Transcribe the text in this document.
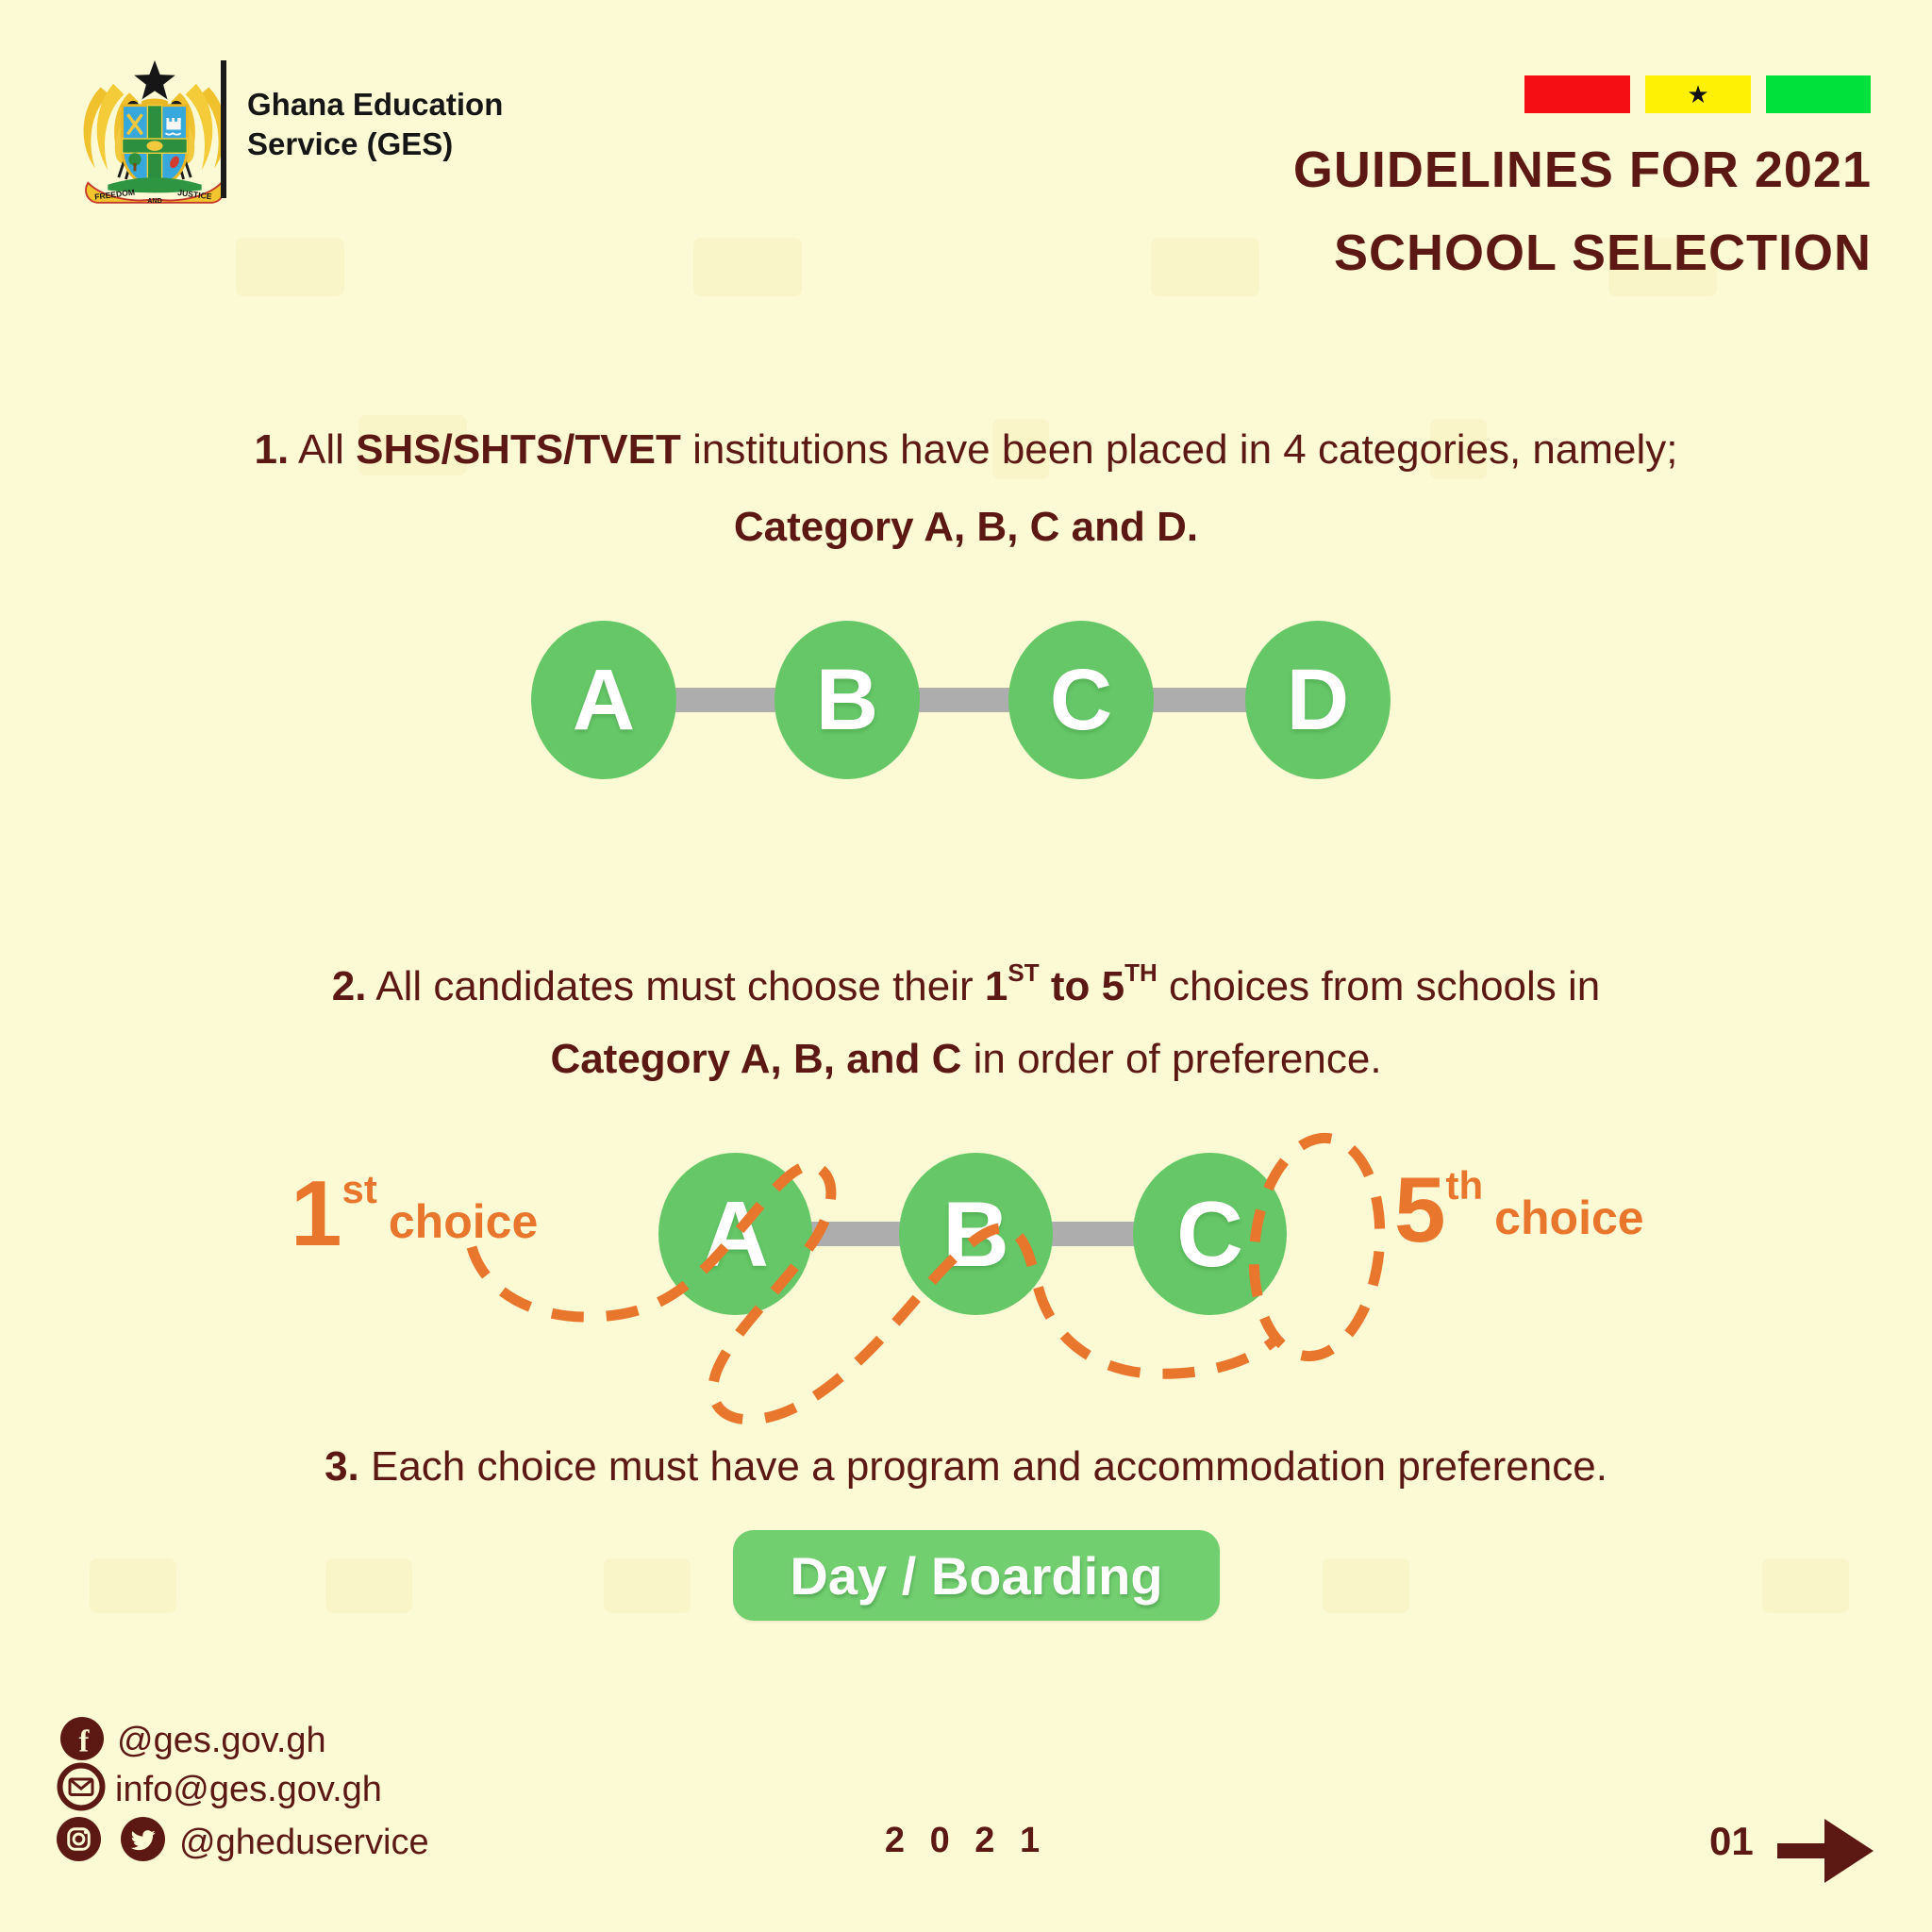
FREEDOM	JUSTICE
AND
Ghana Education
Service (GES)
★
GUIDELINES FOR 2021
SCHOOL SELECTION
1. All SHS/SHTS/TVET institutions have been placed in 4 categories, namely;
Category A, B, C and D.
A B C D
2. All candidates must choose their 1ST to 5TH choices from schools in
Category A, B, and C in order of preference.
A B C
1 st
choice	5 th
choice
3. Each choice must have a program and accommodation preference.
Day / Boarding
f @ges.gov.gh
info@ges.gov.gh
@gheduservice	2 0 2 1	01
